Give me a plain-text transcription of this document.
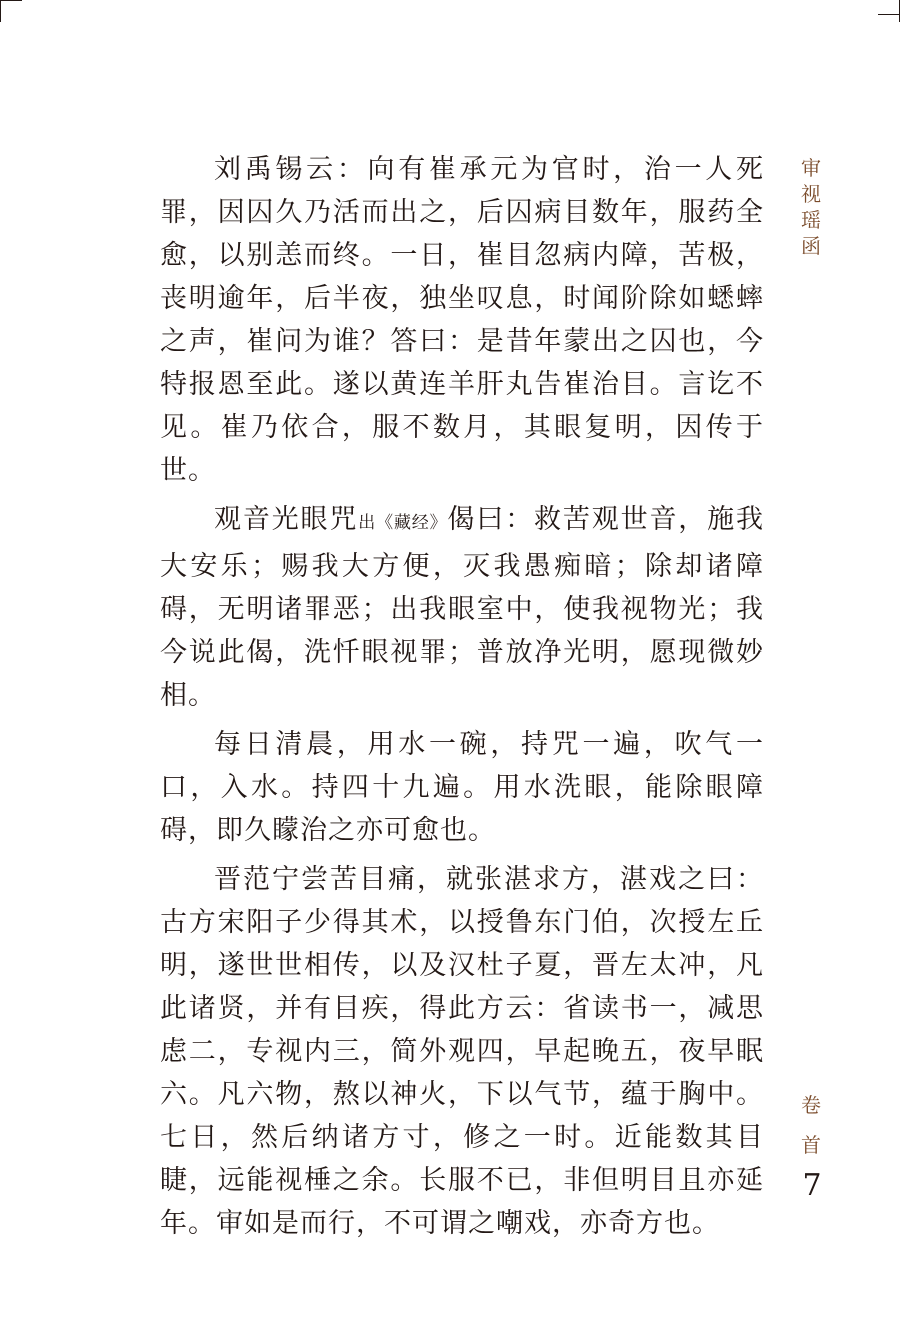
刘禹锡云：向有崔承元为官时，治一人死罪，因囚久乃活而出之，后囚病目数年，服药全愈，以别恙而终。一日，崔目忽病内障，苦极，丧明逾年，后半夜，独坐叹息，时闻阶除如蟋蟀之声，崔问为谁？答曰：是昔年蒙出之囚也，今特报恩至此。遂以黄连羊肝丸告崔治目。言讫不见。崔乃依合，服不数月，其眼复明，因传于世。

观音光眼咒出《藏经》偈曰：救苦观世音，施我大安乐；赐我大方便，灭我愚痴暗；除却诸障碍，无明诸罪恶；出我眼室中，使我视物光；我今说此偈，洗忏眼视罪；普放净光明，愿现微妙相。

每日清晨，用水一碗，持咒一遍，吹气一口，入水。持四十九遍。用水洗眼，能除眼障碍，即久矇治之亦可愈也。

晋范宁尝苦目痛，就张湛求方，湛戏之曰：古方宋阳子少得其术，以授鲁东门伯，次授左丘明，遂世世相传，以及汉杜子夏，晋左太冲，凡此诸贤，并有目疾，得此方云：省读书一，减思虑二，专视内三，简外观四，早起晚五，夜早眠六。凡六物，熬以神火，下以气节，蕴于胸中。七日，然后纳诸方寸，修之一时。近能数其目睫，远能视棰之余。长服不已，非但明目且亦延年。审如是而行，不可谓之嘲戏，亦奇方也。

审
视
瑶
函
卷
首
7
